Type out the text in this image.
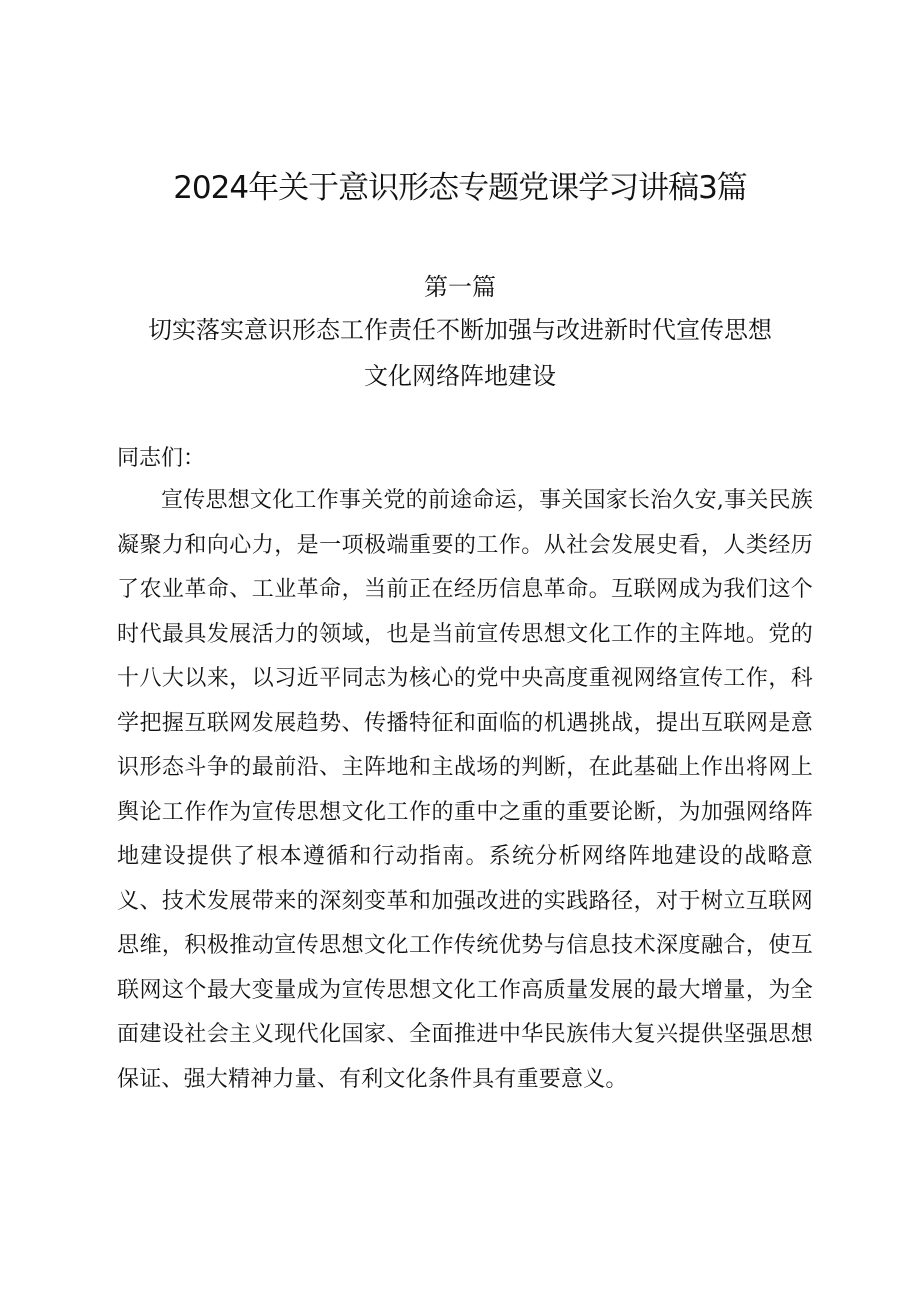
2024年关于意识形态专题党课学习讲稿3篇
第一篇
切实落实意识形态工作责任不断加强与改进新时代宣传思想
文化网络阵地建设
同志们：

宣传思想文化工作事关党的前途命运，事关国家长治久安,事关民族凝聚力和向心力，是一项极端重要的工作。从社会发展史看，人类经历了农业革命、工业革命，当前正在经历信息革命。互联网成为我们这个时代最具发展活力的领域，也是当前宣传思想文化工作的主阵地。党的十八大以来，以习近平同志为核心的党中央高度重视网络宣传工作，科学把握互联网发展趋势、传播特征和面临的机遇挑战，提出互联网是意识形态斗争的最前沿、主阵地和主战场的判断，在此基础上作出将网上舆论工作作为宣传思想文化工作的重中之重的重要论断，为加强网络阵地建设提供了根本遵循和行动指南。系统分析网络阵地建设的战略意义、技术发展带来的深刻变革和加强改进的实践路径，对于树立互联网思维，积极推动宣传思想文化工作传统优势与信息技术深度融合，使互联网这个最大变量成为宣传思想文化工作高质量发展的最大增量，为全面建设社会主义现代化国家、全面推进中华民族伟大复兴提供坚强思想保证、强大精神力量、有利文化条件具有重要意义。
